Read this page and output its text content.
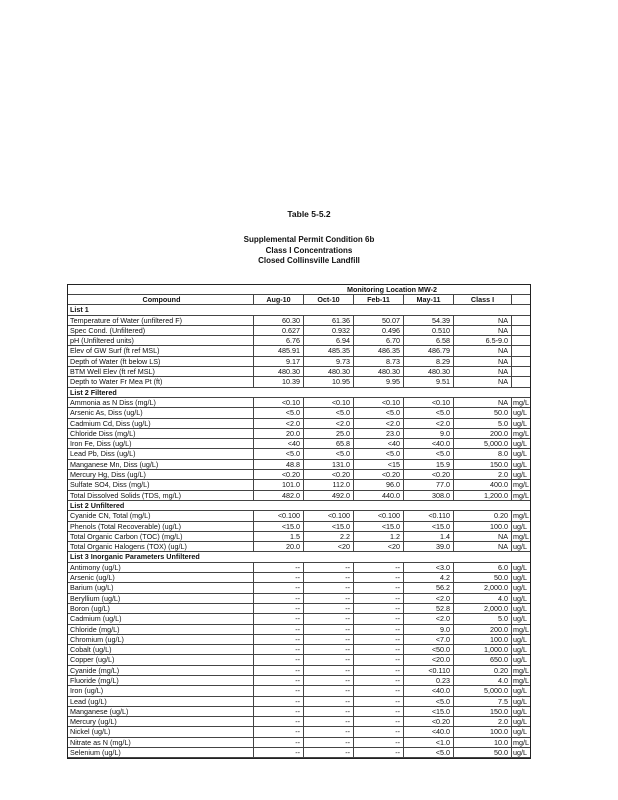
Table 5-5.2
Supplemental Permit Condition 6b
Class I Concentrations
Closed Collinsville Landfill
Monitoring Location MW-2
Compound	Aug-10	Oct-10	Feb-11	May-11	Class I
List 1
Temperature of Water (unfiltered F)	60.30	61.36	50.07	54.39	NA
Spec Cond. (Unfiltered)	0.627	0.932	0.496	0.510	NA
pH (Unfiltered units)	6.76	6.94	6.70	6.58	6.5-9.0
Elev of GW Surf (ft ref MSL)	485.91	485.35	486.35	486.79	NA
Depth of Water (ft below LS)	9.17	9.73	8.73	8.29	NA
BTM Well Elev (ft ref MSL)	480.30	480.30	480.30	480.30	NA
Depth to Water Fr Mea Pt (ft)	10.39	10.95	9.95	9.51	NA
List 2 Filtered
Ammonia as N Diss (mg/L)	<0.10	<0.10	<0.10	<0.10	NA mg/L
Arsenic As, Diss (ug/L)	<5.0	<5.0	<5.0	<5.0	50.0 ug/L
Cadmium Cd, Diss (ug/L)	<2.0	<2.0	<2.0	<2.0	5.0 ug/L
Chloride Diss (mg/L)	20.0	25.0	23.0	9.0	200.0 mg/L
Iron Fe, Diss (ug/L)	<40	65.8	<40	<40.0	5,000.0 ug/L
Lead Pb, Diss (ug/L)	<5.0	<5.0	<5.0	<5.0	8.0 ug/L
Manganese Mn, Diss (ug/L)	48.8	131.0	<15	15.9	150.0 ug/L
Mercury Hg, Diss (ug/L)	<0.20	<0.20	<0.20	<0.20	2.0 ug/L
Sulfate SO4, Diss (mg/L)	101.0	112.0	96.0	77.0	400.0 mg/L
Total Dissolved Solids (TDS, mg/L)	482.0	492.0	440.0	308.0	1,200.0 mg/L
List 2 Unfiltered
Cyanide CN, Total (mg/L)	<0.100	<0.100	<0.100	<0.110	0.20 mg/L
Phenols (Total Recoverable) (ug/L)	<15.0	<15.0	<15.0	<15.0	100.0 ug/L
Total Organic Carbon (TOC) (mg/L)	1.5	2.2	1.2	1.4	NA mg/L
Total Organic Halogens (TOX) (ug/L)	20.0	<20	<20	39.0	NA ug/L
List 3 Inorganic Parameters Unfiltered
Antimony (ug/L)	--	--	--	<3.0	6.0 ug/L
Arsenic (ug/L)	--	--	--	4.2	50.0 ug/L
Barium (ug/L)	--	--	--	56.2	2,000.0 ug/L
Beryllium (ug/L)	--	--	--	<2.0	4.0 ug/L
Boron (ug/L)	--	--	--	52.8	2,000.0 ug/L
Cadmium (ug/L)	--	--	--	<2.0	5.0 ug/L
Chloride (mg/L)	--	--	--	9.0	200.0 mg/L
Chromium (ug/L)	--	--	--	<7.0	100.0 ug/L
Cobalt (ug/L)	--	--	--	<50.0	1,000.0 ug/L
Copper (ug/L)	--	--	--	<20.0	650.0 ug/L
Cyanide (mg/L)	--	--	--	<0.110	0.20 mg/L
Fluoride (mg/L)	--	--	--	0.23	4.0 mg/L
Iron (ug/L)	--	--	--	<40.0	5,000.0 ug/L
Lead (ug/L)	--	--	--	<5.0	7.5 ug/L
Manganese (ug/L)	--	--	--	<15.0	150.0 ug/L
Mercury (ug/L)	--	--	--	<0.20	2.0 ug/L
Nickel (ug/L)	--	--	--	<40.0	100.0 ug/L
Nitrate as N (mg/L)	--	--	--	<1.0	10.0 mg/L
Selenium (ug/L)	--	--	--	<5.0	50.0 ug/L
